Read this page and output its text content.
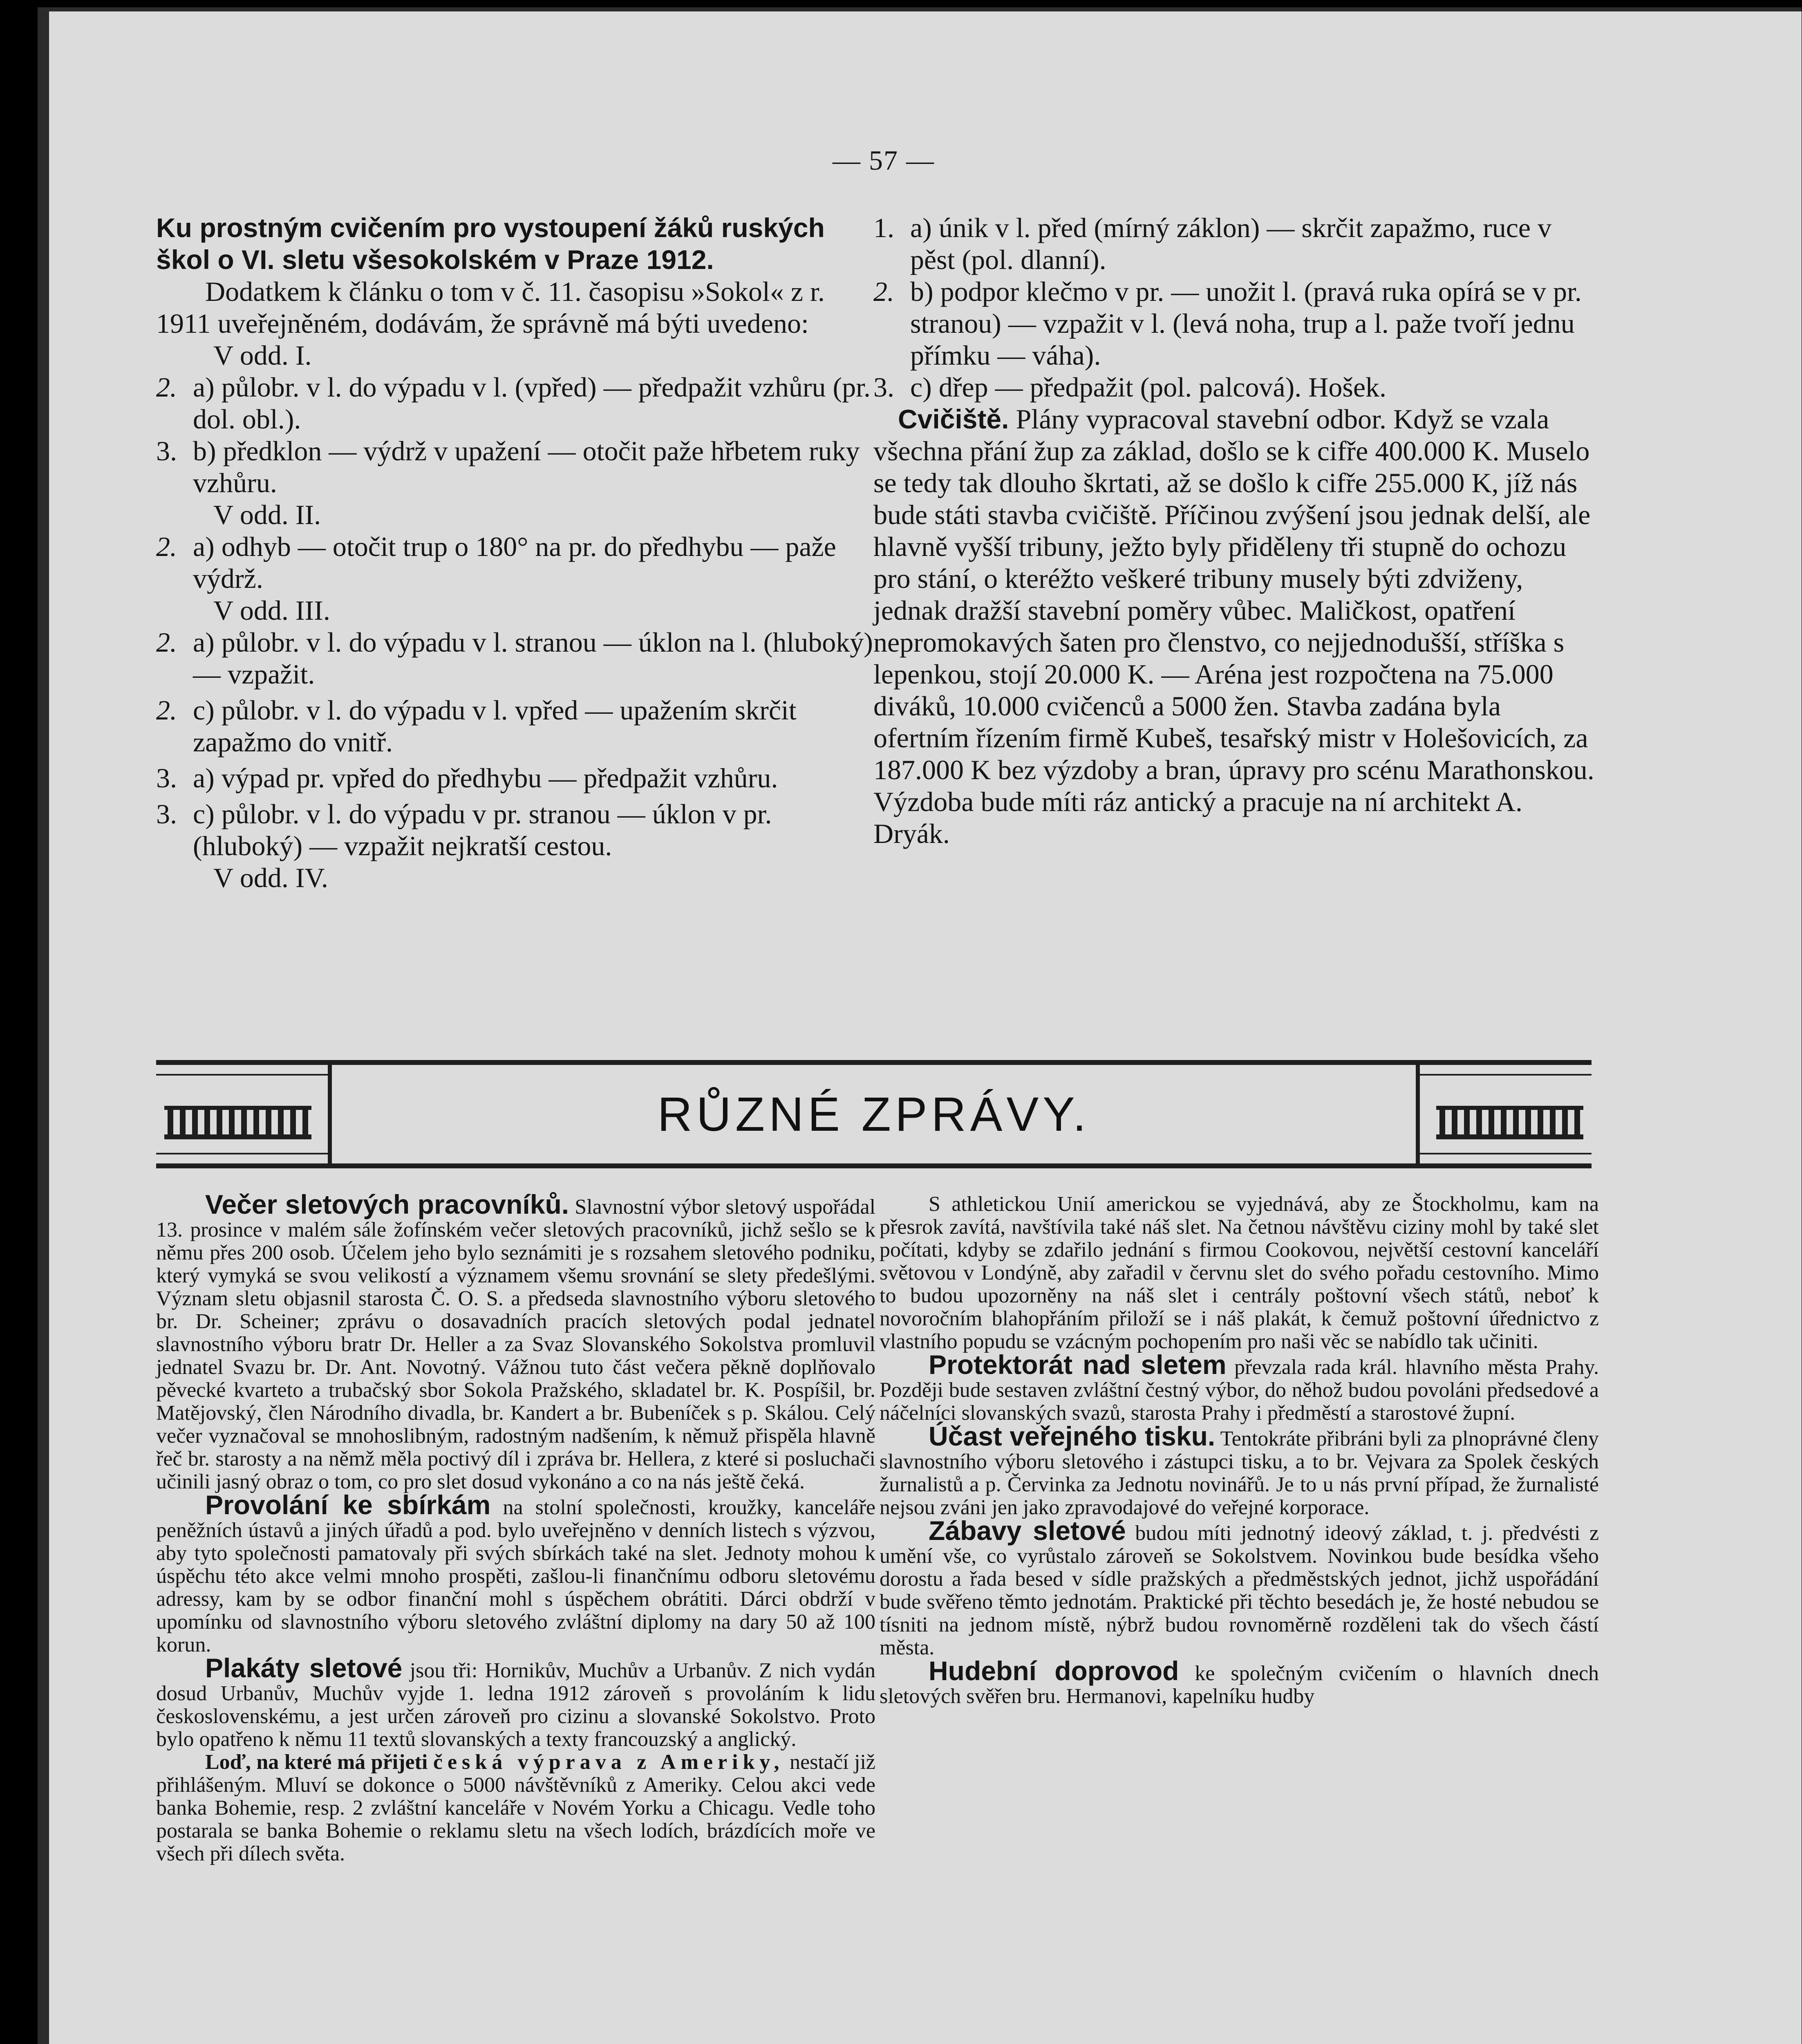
— 57 —

Ku prostným cvičením pro vystoupení žáků ruských škol o VI. sletu všesokolském v Praze 1912.

Dodatkem k článku o tom v č. 11. časopisu »Sokol« z r. 1911 uveřejněném, dodávám, že správně má býti uvedeno:

V odd. I.

2. a) půlobr. v l. do výpadu v l. (vpřed) — předpažit vzhůru (pr. dol. obl.).
3. b) předklon — výdrž v upažení — otočit paže hřbetem ruky vzhůru.

V odd. II.

2. a) odhyb — otočit trup o 180° na pr. do předhybu — paže výdrž.

V odd. III.

2. a) půlobr. v l. do výpadu v l. stranou — úklon na l. (hluboký) — vzpažit.
2. c) půlobr. v l. do výpadu v l. vpřed — upažením skrčit zapažmo do vnitř.
3. a) výpad pr. vpřed do předhybu — předpažit vzhůru.
3. c) půlobr. v l. do výpadu v pr. stranou — úklon v pr. (hluboký) — vzpažit nejkratší cestou.

V odd. IV.

1. a) únik v l. před (mírný záklon) — skrčit zapažmo, ruce v pěst (pol. dlanní).
2. b) podpor klečmo v pr. — unožit l. (pravá ruka opírá se v pr. stranou) — vzpažit v l. (levá noha, trup a l. paže tvoří jednu přímku — váha).
3. c) dřep — předpažit (pol. palcová). Hošek.

Cvičiště. Plány vypracoval stavební odbor. Když se vzala všechna přání žup za základ, došlo se k cifře 400.000 K. Muselo se tedy tak dlouho škrtati, až se došlo k cifře 255.000 K, jíž nás bude státi stavba cvičiště. Příčinou zvýšení jsou jednak delší, ale hlavně vyšší tribuny, ježto byly přiděleny tři stupně do ochozu pro stání, o kteréžto veškeré tribuny musely býti zdviženy, jednak dražší stavební poměry vůbec. Maličkost, opatření nepromokavých šaten pro členstvo, co nejjednodušší, stříška s lepenkou, stojí 20.000 K. — Aréna jest rozpočtena na 75.000 diváků, 10.000 cvičenců a 5000 žen. Stavba zadána byla ofertním řízením firmě Kubeš, tesařský mistr v Holešovicích, za 187.000 K bez výzdoby a bran, úpravy pro scénu Marathonskou. Výzdoba bude míti ráz antický a pracuje na ní architekt A. Dryák.

RŮZNÉ ZPRÁVY.

Večer sletových pracovníků. Slavnostní výbor sletový uspořádal 13. prosince v malém sále žofínském večer sletových pracovníků, jichž sešlo se k němu přes 200 osob. Účelem jeho bylo seznámiti je s rozsahem sletového podniku, který vymyká se svou velikostí a významem všemu srovnání se slety předešlými. Význam sletu objasnil starosta Č. O. S. a předseda slavnostního výboru sletového br. Dr. Scheiner; zprávu o dosavadních pracích sletových podal jednatel slavnostního výboru bratr Dr. Heller a za Svaz Slovanského Sokolstva promluvil jednatel Svazu br. Dr. Ant. Novotný. Vážnou tuto část večera pěkně doplňovalo pěvecké kvarteto a trubačský sbor Sokola Pražského, skladatel br. K. Pospíšil, br. Matějovský, člen Národního divadla, br. Kandert a br. Bubeníček s p. Skálou. Celý večer vyznačoval se mnohoslibným, radostným nadšením, k němuž přispěla hlavně řeč br. starosty a na němž měla poctivý díl i zpráva br. Hellera, z které si posluchači učinili jasný obraz o tom, co pro slet dosud vykonáno a co na nás ještě čeká.

Provolání ke sbírkám na stolní společnosti, kroužky, kanceláře peněžních ústavů a jiných úřadů a pod. bylo uveřejněno v denních listech s výzvou, aby tyto společnosti pamatovaly při svých sbírkách také na slet. Jednoty mohou k úspěchu této akce velmi mnoho prospěti, zašlou-li finančnímu odboru sletovému adressy, kam by se odbor finanční mohl s úspěchem obrátiti. Dárci obdrží v upomínku od slavnostního výboru sletového zvláštní diplomy na dary 50 až 100 korun.

Plakáty sletové jsou tři: Hornikův, Muchův a Urbanův. Z nich vydán dosud Urbanův, Muchův vyjde 1. ledna 1912 zároveň s provoláním k lidu československému, a jest určen zároveň pro cizinu a slovanské Sokolstvo. Proto bylo opatřeno k němu 11 textů slovanských a texty francouzský a anglický.

Loď, na které má přijeti česká výprava z Ameriky, nestačí již přihlášeným. Mluví se dokonce o 5000 návštěvníků z Ameriky. Celou akci vede banka Bohemie, resp. 2 zvláštní kanceláře v Novém Yorku a Chicagu. Vedle toho postarala se banka Bohemie o reklamu sletu na všech lodích, brázdících moře ve všech při dílech světa.

S athletickou Unií americkou se vyjednává, aby ze Štockholmu, kam na přesrok zavítá, navštívila také náš slet. Na četnou návštěvu ciziny mohl by také slet počítati, kdyby se zdařilo jednání s firmou Cookovou, největší cestovní kanceláří světovou v Londýně, aby zařadil v červnu slet do svého pořadu cestovního. Mimo to budou upozorněny na náš slet i centrály poštovní všech států, neboť k novoročním blahopřáním přiloží se i náš plakát, k čemuž poštovní úřednictvo z vlastního popudu se vzácným pochopením pro naši věc se nabídlo tak učiniti.

Protektorát nad sletem převzala rada král. hlavního města Prahy. Později bude sestaven zvláštní čestný výbor, do něhož budou povoláni předsedové a náčelníci slovanských svazů, starosta Prahy i předměstí a starostové župní.

Účast veřejného tisku. Tentokráte přibráni byli za plnoprávné členy slavnostního výboru sletového i zástupci tisku, a to br. Vejvara za Spolek českých žurnalistů a p. Červinka za Jednotu novinářů. Je to u nás první případ, že žurnalisté nejsou zváni jen jako zpravodajové do veřejné korporace.

Zábavy sletové budou míti jednotný ideový základ, t. j. předvésti z umění vše, co vyrůstalo zároveň se Sokolstvem. Novinkou bude besídka všeho dorostu a řada besed v sídle pražských a předměstských jednot, jichž uspořádání bude svěřeno těmto jednotám. Praktické při těchto besedách je, že hosté nebudou se tísniti na jednom místě, nýbrž budou rovnoměrně rozděleni tak do všech částí města.

Hudební doprovod ke společným cvičením o hlavních dnech sletových svěřen bru. Hermanovi, kapelníku hudby
